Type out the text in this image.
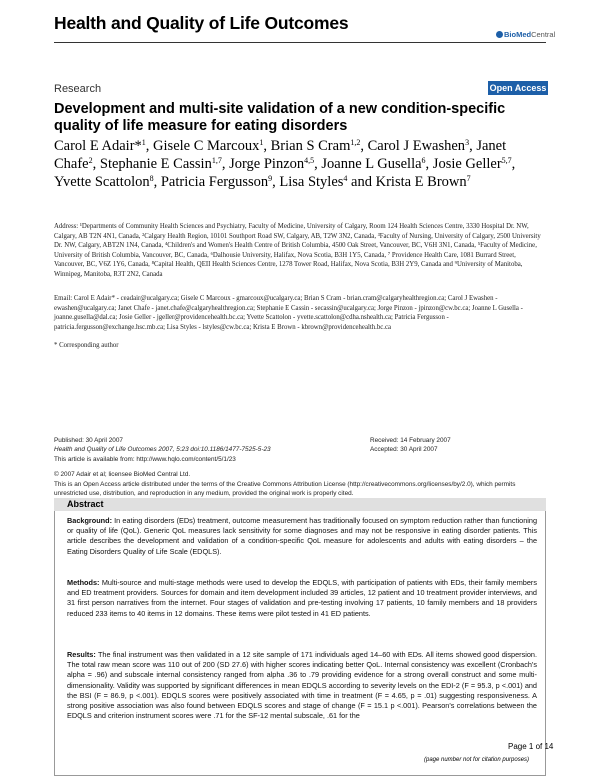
Health and Quality of Life Outcomes
BioMedCentral
Research	Open Access
Development and multi-site validation of a new condition-specific quality of life measure for eating disorders
Carol E Adair*$^1$, Gisele C Marcoux$^1$, Brian S Cram$^{1,2}$, Carol J Ewashen$^3$, Janet Chafe$^2$, Stephanie E Cassin$^{1,7}$, Jorge Pinzon$^{4,5}$, Joanne L Gusella$^6$, Josie Geller$^{5,7}$, Yvette Scattolon$^8$, Patricia Fergusson$^9$, Lisa Styles$^4$ and Krista E Brown$^7$
Address: ¹Departments of Community Health Sciences and Psychiatry, Faculty of Medicine, University of Calgary, Room 124 Health Sciences Centre, 3330 Hospital Dr. NW, Calgary, AB T2N 4N1, Canada, ²Calgary Health Region, 10101 Southport Road SW, Calgary, AB, T2W 3N2, Canada, ³Faculty of Nursing, University of Calgary, 2500 University Dr. NW, Calgary, ABT2N 1N4, Canada, ⁴Children's and Women's Health Centre of British Columbia, 4500 Oak Street, Vancouver, BC, V6H 3N1, Canada, ⁵Faculty of Medicine, University of British Columbia, Vancouver, BC, Canada, ⁶Dalhousie University, Halifax, Nova Scotia, B3H 1Y5, Canada, ⁷ Providence Health Care, 1081 Burrard Street, Vancouver, BC, V6Z 1Y6, Canada, ⁸Capital Health, QEII Health Sciences Centre, 1278 Tower Road, Halifax, Nova Scotia, B3H 2Y9, Canada and ⁹University of Manitoba, Winnipeg, Manitoba, R3T 2N2, Canada
Email: Carol E Adair* - ceadair@ucalgary.ca; Gisele C Marcoux - gmarcoux@ucalgary.ca; Brian S Cram - brian.cram@calgaryhealthregion.ca; Carol J Ewashen - ewashen@ucalgary.ca; Janet Chafe - janet.chafe@calgaryhealthregion.ca; Stephanie E Cassin - secassin@ucalgary.ca; Jorge Pinzon - jpinzon@cw.bc.ca; Joanne L Gusella - joanne.gusella@dal.ca; Josie Geller - jgeller@providencehealth.bc.ca; Yvette Scattolon - yvette.scattolon@cdha.nshealth.ca; Patricia Fergusson - patricia.fergusson@exchange.hsc.mb.ca; Lisa Styles - lstyles@cw.bc.ca; Krista E Brown - kbrown@providencehealth.bc.ca
* Corresponding author
Published: 30 April 2007
Health and Quality of Life Outcomes 2007, 5:23 doi:10.1186/1477-7525-5-23
This article is available from: http://www.hqlo.com/content/5/1/23
Received: 14 February 2007
Accepted: 30 April 2007
© 2007 Adair et al; licensee BioMed Central Ltd.
This is an Open Access article distributed under the terms of the Creative Commons Attribution License (http://creativecommons.org/licenses/by/2.0), which permits unrestricted use, distribution, and reproduction in any medium, provided the original work is properly cited.
Abstract
Background: In eating disorders (EDs) treatment, outcome measurement has traditionally focused on symptom reduction rather than functioning or quality of life (QoL). Generic QoL measures lack sensitivity for some diagnoses and may not be responsive in eating disorder patients. This article describes the development and validation of a condition-specific QoL measure for adolescents and adults with eating disorders – the Eating Disorders Quality of Life Scale (EDQLS).
Methods: Multi-source and multi-stage methods were used to develop the EDQLS, with participation of patients with EDs, their family members and ED treatment providers. Sources for domain and item development included 39 articles, 12 patient and 10 treatment provider interviews, and 31 first person narratives from the internet. Four stages of validation and pre-testing involving 17 patients, 10 family members and 18 providers reduced 233 items to 40 items in 12 domains. These items were pilot tested in 41 ED patients.
Results: The final instrument was then validated in a 12 site sample of 171 individuals aged 14–60 with EDs. All items showed good dispersion. The total raw mean score was 110 out of 200 (SD 27.6) with higher scores indicating better QoL. Internal consistency was excellent (Cronbach's alpha = .96) and subscale internal consistency ranged from alpha .36 to .79 providing evidence for a strong overall construct and some multi-dimensionality. Validity was supported by significant differences in mean EDQLS according to severity levels on the EDI-2 (F = 95.3, p <.001) and the BSI (F = 86.9, p <.001). EDQLS scores were positively associated with time in treatment (F = 4.65, p = .01) suggesting responsiveness. A strong positive association was also found between EDQLS scores and stage of change (F = 15.1 p <.001). Pearson's correlations between the EDQLS and criterion instrument scores were .71 for the SF-12 mental subscale, .61 for the
Page 1 of 14
(page number not for citation purposes)
